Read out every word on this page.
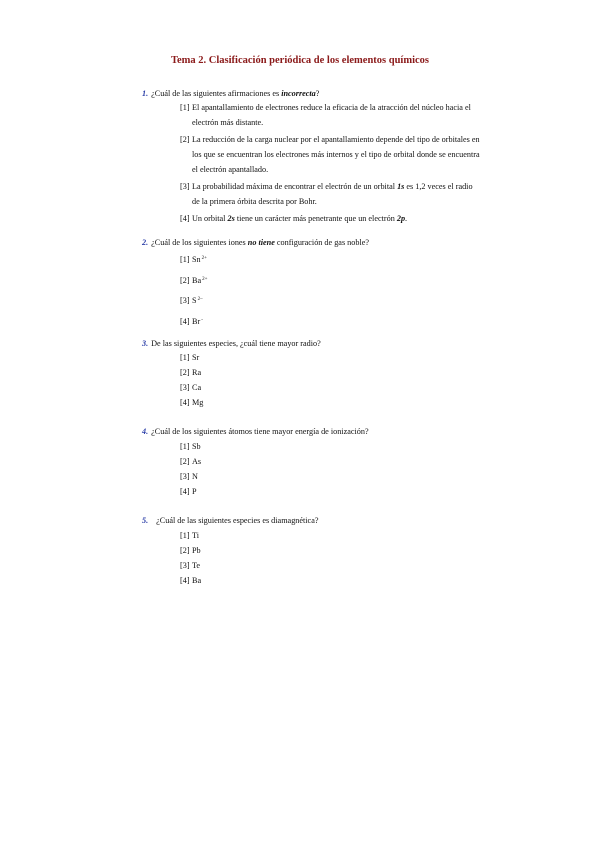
Tema 2. Clasificación periódica de los elementos químicos
1. ¿Cuál de las siguientes afirmaciones es incorrecta?
[1] El apantallamiento de electrones reduce la eficacia de la atracción del núcleo hacia el electrón más distante.
[2] La reducción de la carga nuclear por el apantallamiento depende del tipo de orbitales en los que se encuentran los electrones más internos y el tipo de orbital donde se encuentra el electrón apantallado.
[3] La probabilidad máxima de encontrar el electrón de un orbital 1s es 1,2 veces el radio de la primera órbita descrita por Bohr.
[4] Un orbital 2s tiene un carácter más penetrante que un electrón 2p.
2. ¿Cuál de los siguientes iones no tiene configuración de gas noble?
[1] $Sn^{2+}$
[2] $Ba^{2+}$
[3] $S^{2-}$
[4] Br-
3. De las siguientes especies, ¿cuál tiene mayor radio?
[1] Sr
[2] Ra
[3] Ca
[4] Mg
4. ¿Cuál de los siguientes átomos tiene mayor energía de ionización?
[1] Sb
[2] As
[3] N
[4] P
5. ¿Cuál de las siguientes especies es diamagnética?
[1] Ti
[2] Pb
[3] Te
[4] Ba
